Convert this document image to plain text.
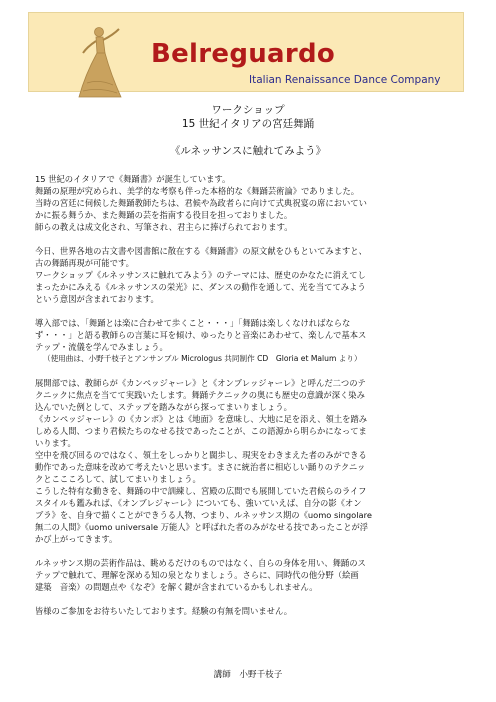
Belreguardo
Italian Renaissance Dance Company
ワークショップ
15 世紀イタリアの宮廷舞踊
《ルネッサンスに触れてみよう》

15 世紀のイタリアで《舞踊書》が誕生しています。
舞踊の原理が究められ、美学的な考察も伴った本格的な《舞踊芸術論》でありました。
当時の宮廷に伺候した舞踊教師たちは、君候や為政者らに向けて式典祝宴の席においてい
かに振る舞うか、また舞踊の芸を指南する役目を担っておりました。
師らの教えは成文化され、写筆され、君主らに捧げられております。

今日、世界各地の古文書や図書館に散在する《舞踊書》の原文献をひもといてみますと、
古の舞踊再現が可能です。
ワークショップ《ルネッサンスに触れてみよう》のテーマには、歴史のかなたに消えてし
まったかにみえる《ルネッサンスの栄光》に、ダンスの動作を通して、光を当ててみよう
という意図が含まれております。

導入部では、「舞踊とは楽に合わせて歩くこと・・・」「舞踊は楽しくなければならな
ず・・・」と語る教師らの言葉に耳を傾け、ゆったりと音楽にあわせて、楽しんで基本ス
テップ・流儀を学んでみましょう。
（使用曲は、小野千枝子とアンサンブル Micrologus 共同制作 CD　Gloria et Malum より）

展開部では、教師らが《カンペッジャーレ》と《オンブレッジャーレ》と呼んだ二つのテ
クニックに焦点を当てて実践いたします。舞踊テクニックの奥にも歴史の意識が深く染み
込んでいた例として、ステップを踏みながら探ってまいりましょう。
《カンペッジャーレ》の《カンポ》とは《地面》を意味し、大地に足を添え、領土を踏み
しめる人間、つまり君候たちのなせる技であったことが、この語源から明らかになってま
いります。
空中を飛び回るのではなく、領土をしっかりと闊歩し、現実をわきまえた者のみができる
動作であった意味を改めて考えたいと思います。まさに統治者に相応しい踊りのテクニッ
クとここころして、試してまいりましょう。
こうした特有な動きを、舞踊の中で訓練し、宮殿の広間でも展開していた君候らのライフ
スタイルも鑑みれば、《オンブレジャーレ》についても、強いていえば、自分の影《オン
ブラ》を、自身で描くことができうる人物、つまり、ルネッサンス期の《uomo singolare
無二の人間》《uomo universale 万能人》と呼ばれた者のみがなせる技であったことが浮
かび上がってきます。

ルネッサンス期の芸術作品は、眺めるだけのものではなく、自らの身体を用い、舞踊のス
テップで触れて、理解を深める知の泉となりましょう。さらに、同時代の他分野（絵画
建築　音楽）の問題点や《なぞ》を解く鍵が含まれているかもしれません。

皆様のご参加をお待ちいたしております。経験の有無を問いません。

講師　小野千枝子
